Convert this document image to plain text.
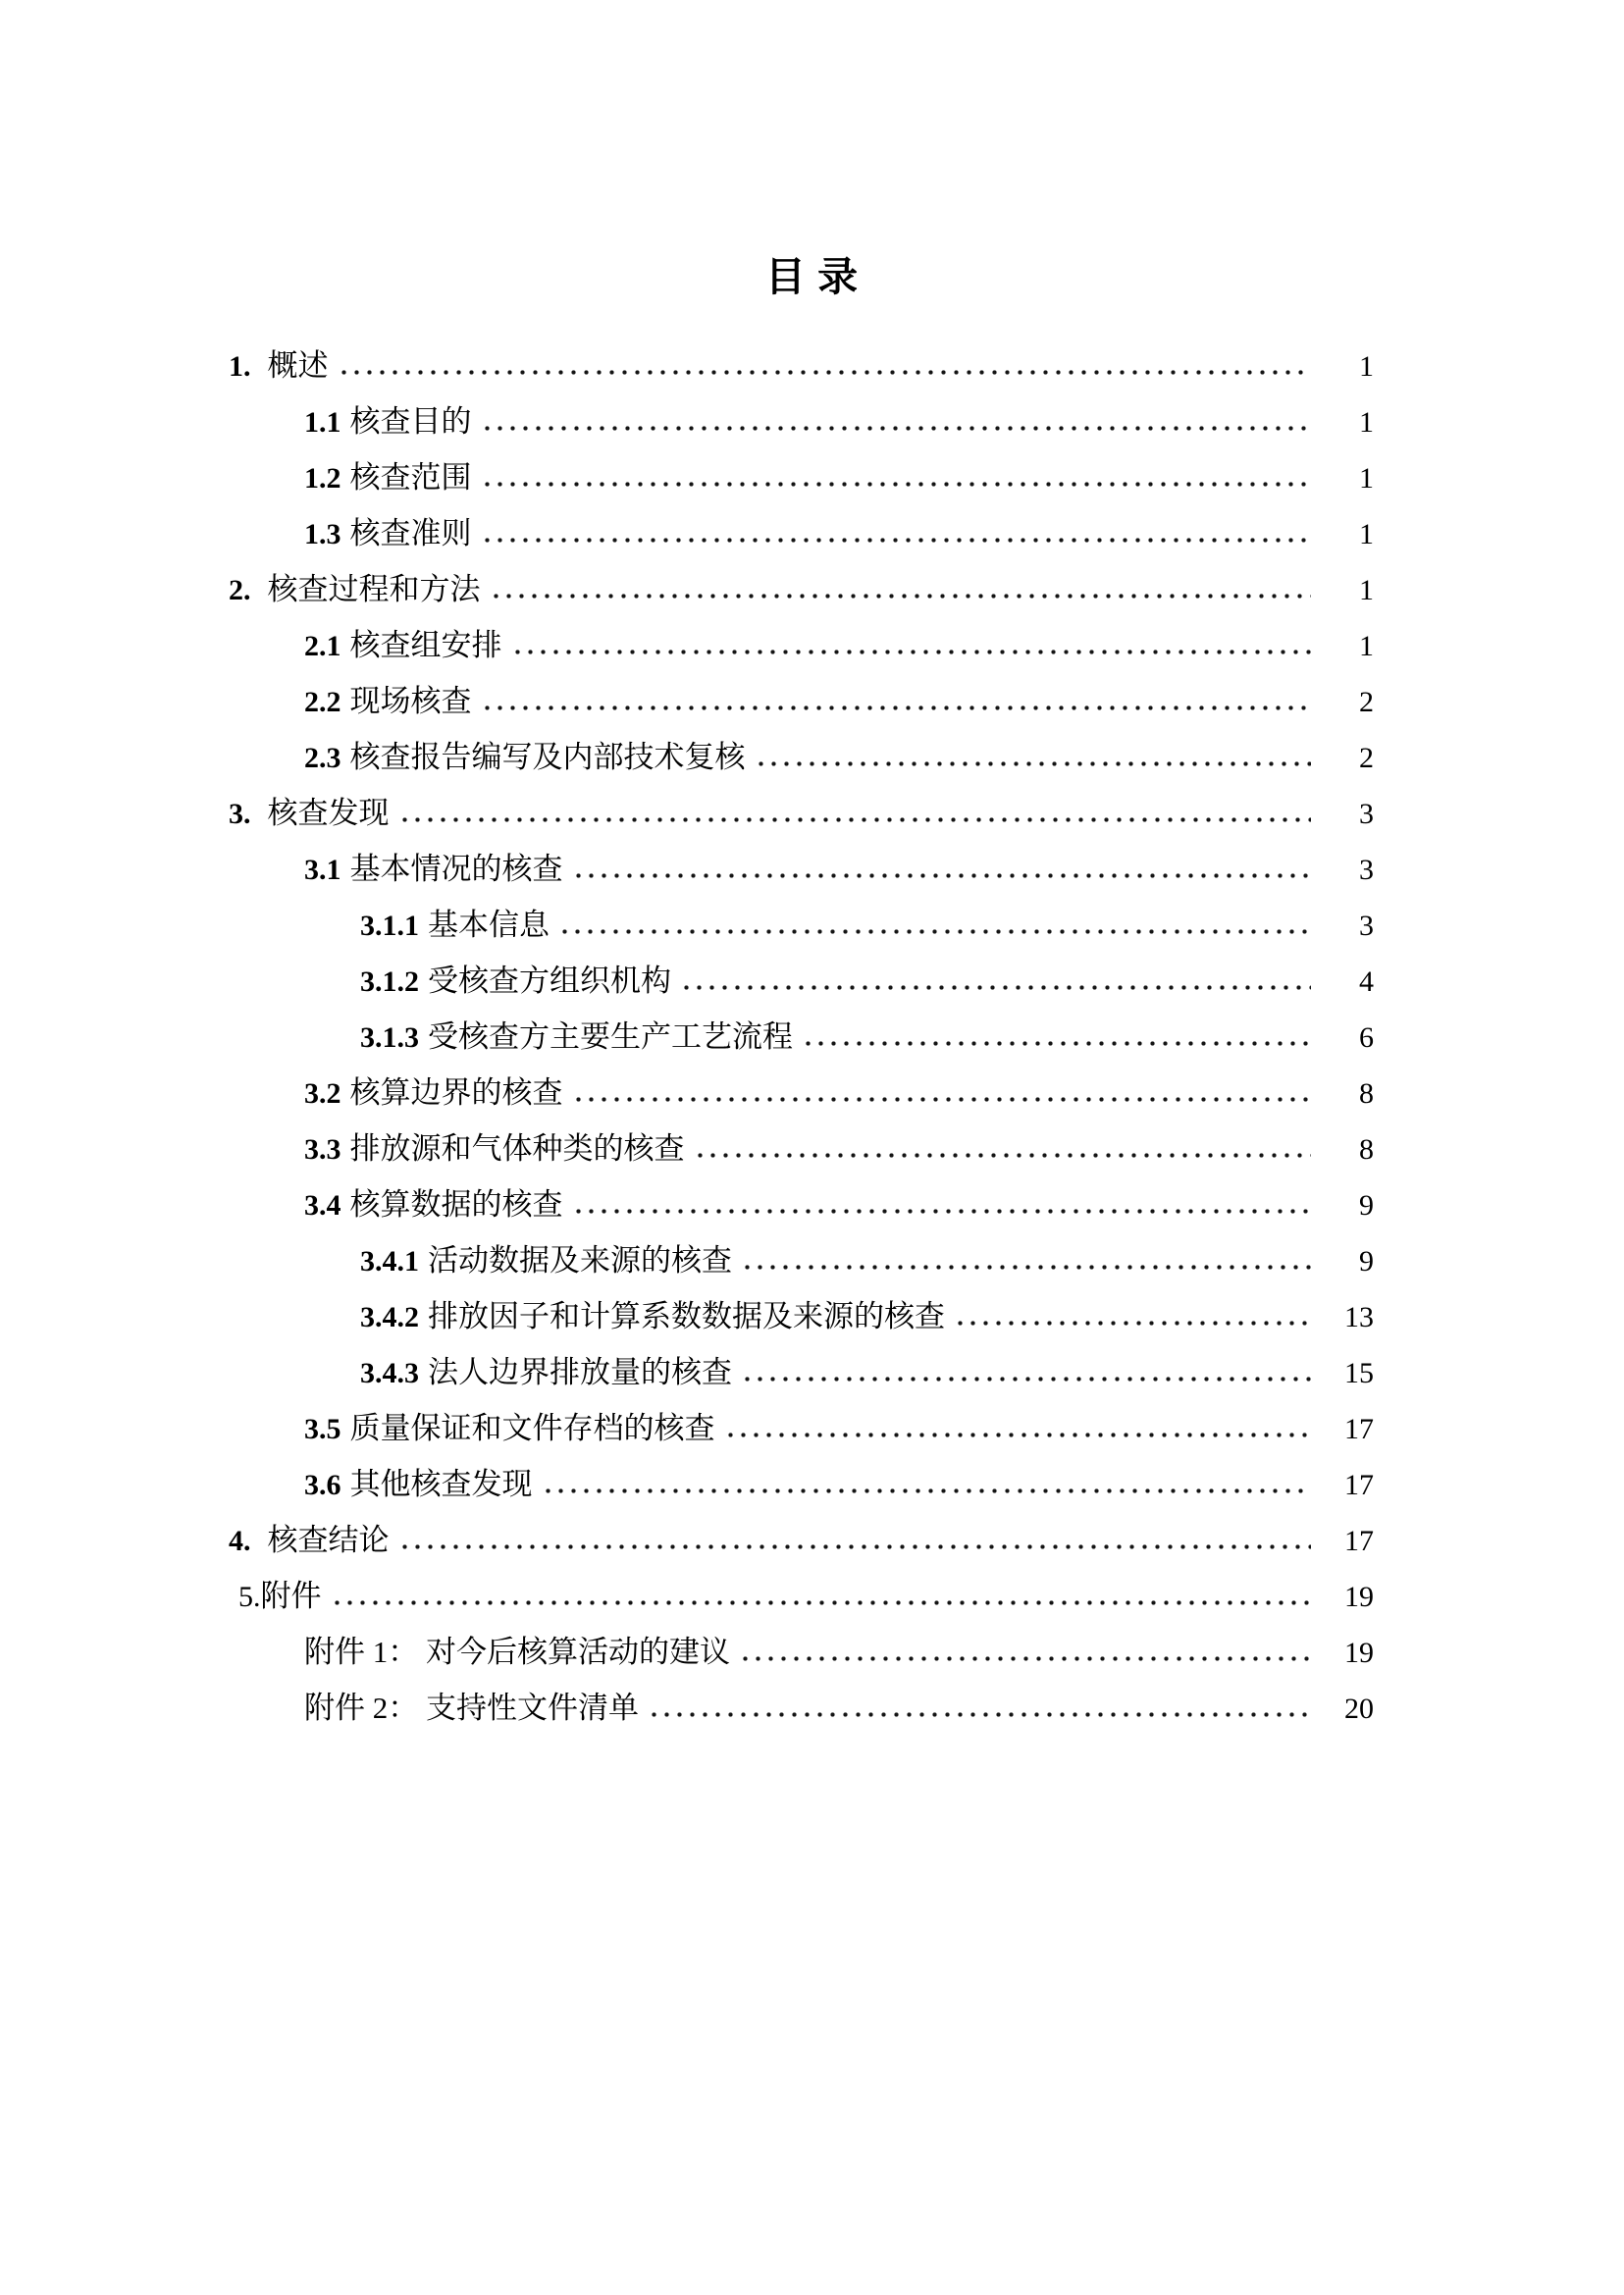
目 录
1. 概述	1
1.1 核查目的	1
1.2 核查范围	1
1.3 核查准则	1
2. 核查过程和方法	1
2.1 核查组安排	1
2.2 现场核查	2
2.3 核查报告编写及内部技术复核	2
3. 核查发现	3
3.1 基本情况的核查	3
3.1.1 基本信息	3
3.1.2 受核查方组织机构	4
3.1.3 受核查方主要生产工艺流程	6
3.2 核算边界的核查	8
3.3 排放源和气体种类的核查	8
3.4 核算数据的核查	9
3.4.1 活动数据及来源的核查	9
3.4.2 排放因子和计算系数数据及来源的核查	13
3.4.3 法人边界排放量的核查	15
3.5 质量保证和文件存档的核查	17
3.6 其他核查发现	17
4. 核查结论	17
5. 附件	19
附件 1： 对今后核算活动的建议	19
附件 2： 支持性文件清单	20
